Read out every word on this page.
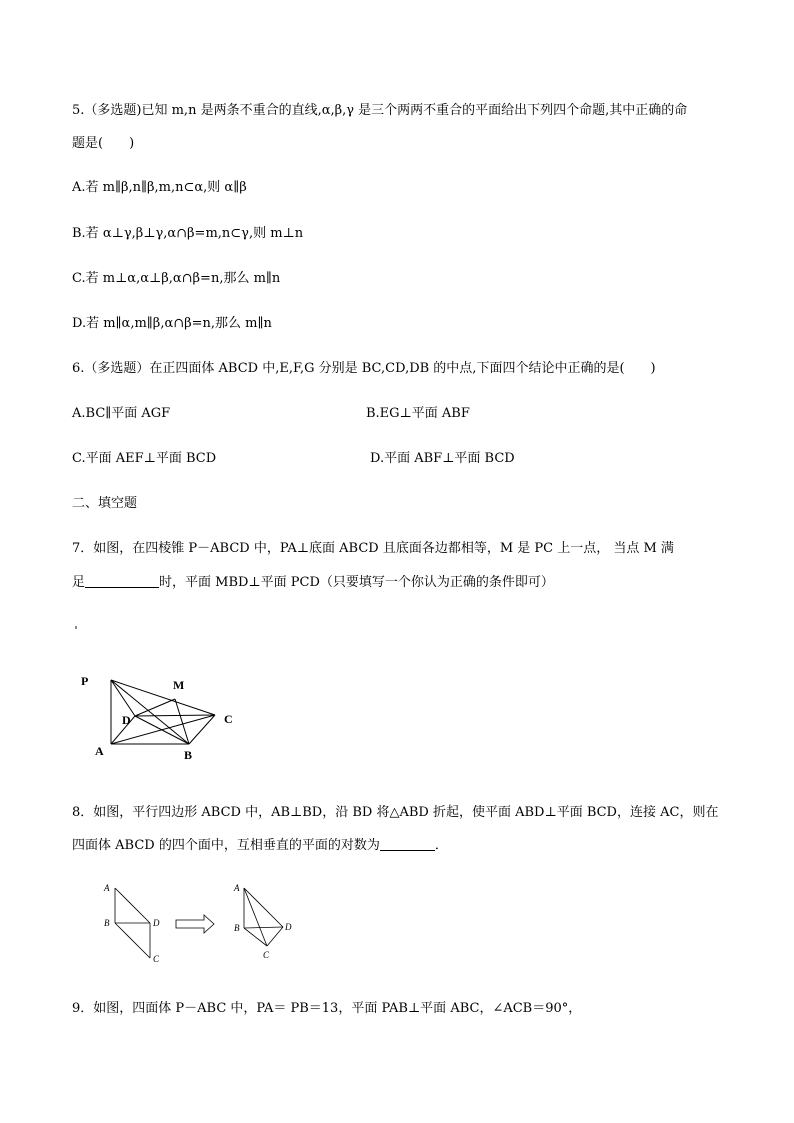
5.（多选题)已知 m,n 是两条不重合的直线,α,β,γ 是三个两两不重合的平面给出下列四个命题,其中正确的命
题是(　　)
A.若 m∥β,n∥β,m,n⊂α,则 α∥β
B.若 α⊥γ,β⊥γ,α∩β=m,n⊂γ,则 m⊥n
C.若 m⊥α,α⊥β,α∩β=n,那么 m∥n
D.若 m∥α,m∥β,α∩β=n,那么 m∥n
6.（多选题）在正四面体 ABCD 中,E,F,G 分别是 BC,CD,DB 的中点,下面四个结论中正确的是(　　)
A.BC∥平面 AGF	B.EG⊥平面 ABF
C.平面 AEF⊥平面 BCD	D.平面 ABF⊥平面 BCD
二、填空题
7．如图，在四棱锥 P－ABCD 中，PA⊥底面 ABCD 且底面各边都相等，M 是 PC 上一点， 当点 M 满
足	时，平面 MBD⊥平面 PCD（只要填写一个你认为正确的条件即可）
P	M
D	C
A	B
8．如图，平行四边形 ABCD 中，AB⊥BD，沿 BD 将△ABD 折起，使平面 ABD⊥平面 BCD，连接 AC，则在
四面体 ABCD 的四个面中，互相垂直的平面的对数为	．
A
B	D
C
A
B	D
C
9．如图，四面体 P－ABC 中，PA＝ PB＝13，平面 PAB⊥平面 ABC，∠ACB＝90°，
